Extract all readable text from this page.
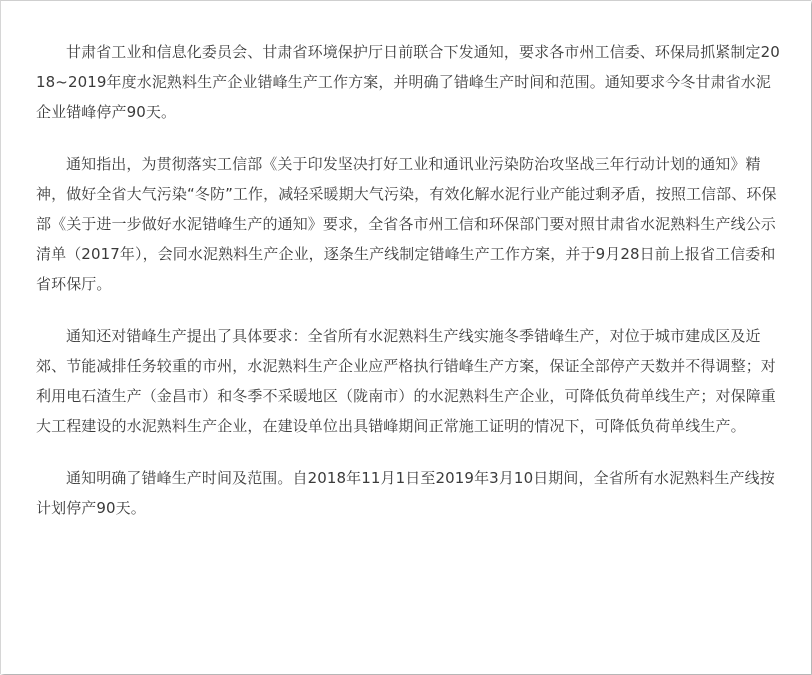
甘肃省工业和信息化委员会、甘肃省环境保护厅日前联合下发通知，要求各市州工信委、环保局抓紧制定2018~2019年度水泥熟料生产企业错峰生产工作方案，并明确了错峰生产时间和范围。通知要求今冬甘肃省水泥企业错峰停产90天。

通知指出，为贯彻落实工信部《关于印发坚决打好工业和通讯业污染防治攻坚战三年行动计划的通知》精神，做好全省大气污染“冬防”工作，减轻采暖期大气污染，有效化解水泥行业产能过剩矛盾，按照工信部、环保部《关于进一步做好水泥错峰生产的通知》要求，全省各市州工信和环保部门要对照甘肃省水泥熟料生产线公示清单（2017年），会同水泥熟料生产企业，逐条生产线制定错峰生产工作方案，并于9月28日前上报省工信委和省环保厅。

通知还对错峰生产提出了具体要求：全省所有水泥熟料生产线实施冬季错峰生产，对位于城市建成区及近郊、节能减排任务较重的市州，水泥熟料生产企业应严格执行错峰生产方案，保证全部停产天数并不得调整；对利用电石渣生产（金昌市）和冬季不采暖地区（陇南市）的水泥熟料生产企业，可降低负荷单线生产；对保障重大工程建设的水泥熟料生产企业，在建设单位出具错峰期间正常施工证明的情况下，可降低负荷单线生产。

通知明确了错峰生产时间及范围。自2018年11月1日至2019年3月10日期间，全省所有水泥熟料生产线按计划停产90天。
